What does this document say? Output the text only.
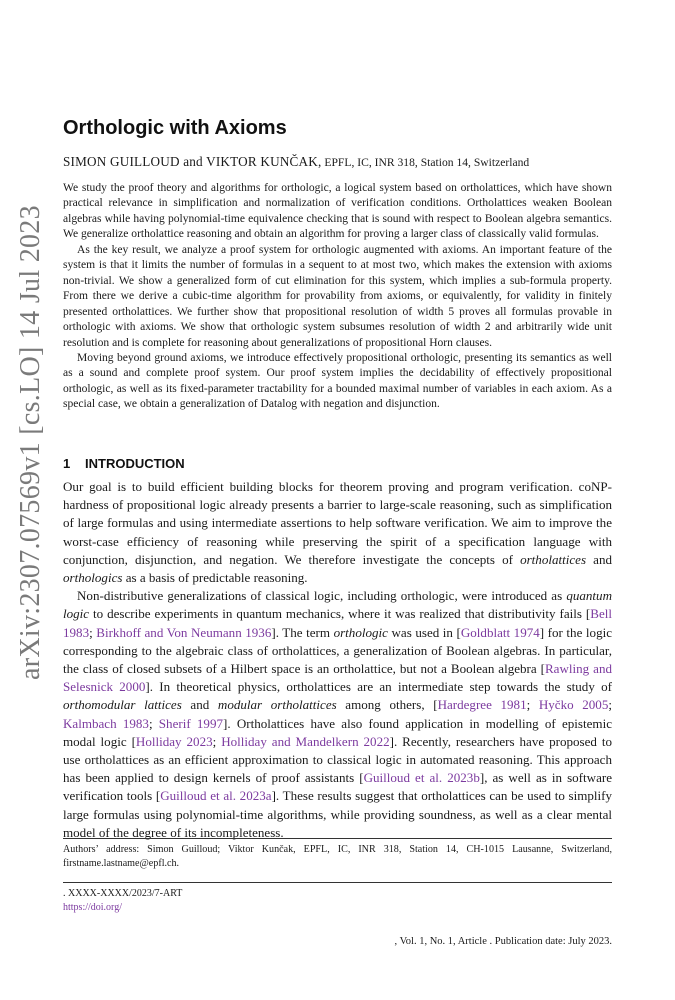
arXiv:2307.07569v1 [cs.LO] 14 Jul 2023
Orthologic with Axioms
SIMON GUILLOUD and VIKTOR KUNČAK, EPFL, IC, INR 318, Station 14, Switzerland

We study the proof theory and algorithms for orthologic, a logical system based on ortholattices, which have shown practical relevance in simplification and normalization of verification conditions. Ortholattices weaken Boolean algebras while having polynomial-time equivalence checking that is sound with respect to Boolean algebra semantics. We generalize ortholattice reasoning and obtain an algorithm for proving a larger class of classically valid formulas.

As the key result, we analyze a proof system for orthologic augmented with axioms. An important feature of the system is that it limits the number of formulas in a sequent to at most two, which makes the extension with axioms non-trivial. We show a generalized form of cut elimination for this system, which implies a sub-formula property. From there we derive a cubic-time algorithm for provability from axioms, or equivalently, for validity in finitely presented ortholattices. We further show that propositional resolution of width 5 proves all formulas provable in orthologic with axioms. We show that orthologic system subsumes resolution of width 2 and arbitrarily wide unit resolution and is complete for reasoning about generalizations of propositional Horn clauses.

Moving beyond ground axioms, we introduce effectively propositional orthologic, presenting its semantics as well as a sound and complete proof system. Our proof system implies the decidability of effectively propositional orthologic, as well as its fixed-parameter tractability for a bounded maximal number of variables in each axiom. As a special case, we obtain a generalization of Datalog with negation and disjunction.

1 INTRODUCTION

Our goal is to build efficient building blocks for theorem proving and program verification. coNP-hardness of propositional logic already presents a barrier to large-scale reasoning, such as simplification of large formulas and using intermediate assertions to help software verification. We aim to improve the worst-case efficiency of reasoning while preserving the spirit of a specification language with conjunction, disjunction, and negation. We therefore investigate the concepts of ortholattices and orthologics as a basis of predictable reasoning.

Non-distributive generalizations of classical logic, including orthologic, were introduced as quantum logic to describe experiments in quantum mechanics, where it was realized that distributivity fails [Bell 1983; Birkhoff and Von Neumann 1936]. The term orthologic was used in [Goldblatt 1974] for the logic corresponding to the algebraic class of ortholattices, a generalization of Boolean algebras. In particular, the class of closed subsets of a Hilbert space is an ortholattice, but not a Boolean algebra [Rawling and Selesnick 2000]. In theoretical physics, ortholattices are an intermediate step towards the study of orthomodular lattices and modular ortholattices among others, [Hardegree 1981; Hyčko 2005; Kalmbach 1983; Sherif 1997]. Ortholattices have also found application in modelling of epistemic modal logic [Holliday 2023; Holliday and Mandelkern 2022]. Recently, researchers have proposed to use ortholattices as an efficient approximation to classical logic in automated reasoning. This approach has been applied to design kernels of proof assistants [Guilloud et al. 2023b], as well as in software verification tools [Guilloud et al. 2023a]. These results suggest that ortholattices can be used to simplify large formulas using polynomial-time algorithms, while providing soundness, as well as a clear mental model of the degree of its incompleteness.

Authors’ address: Simon Guilloud; Viktor Kunčak, EPFL, IC, INR 318, Station 14, CH-1015 Lausanne, Switzerland, firstname.lastname@epfl.ch.

. XXXX-XXXX/2023/7-ART
https://doi.org/
, Vol. 1, No. 1, Article . Publication date: July 2023.
